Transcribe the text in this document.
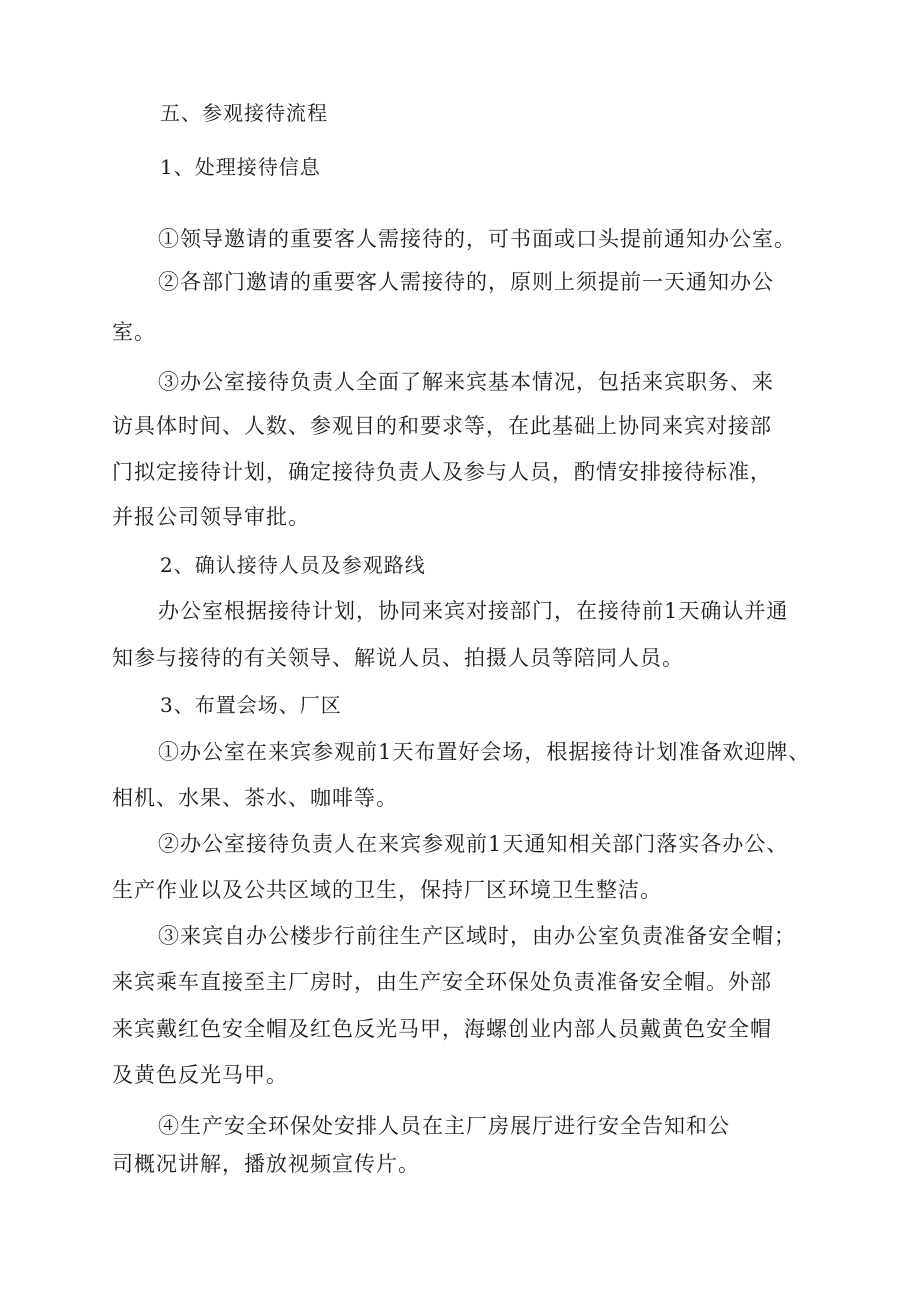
五、参观接待流程
1、处理接待信息
①领导邀请的重要客人需接待的，可书面或口头提前通知办公室。
②各部门邀请的重要客人需接待的，原则上须提前一天通知办公
室。
③办公室接待负责人全面了解来宾基本情况，包括来宾职务、来
访具体时间、人数、参观目的和要求等，在此基础上协同来宾对接部
门拟定接待计划，确定接待负责人及参与人员，酌情安排接待标准，
并报公司领导审批。
2、确认接待人员及参观路线
办公室根据接待计划，协同来宾对接部门，在接待前1天确认并通
知参与接待的有关领导、解说人员、拍摄人员等陪同人员。
3、布置会场、厂区
①办公室在来宾参观前1天布置好会场，根据接待计划准备欢迎牌、
相机、水果、茶水、咖啡等。
②办公室接待负责人在来宾参观前1天通知相关部门落实各办公、
生产作业以及公共区域的卫生，保持厂区环境卫生整洁。
③来宾自办公楼步行前往生产区域时，由办公室负责准备安全帽；
来宾乘车直接至主厂房时，由生产安全环保处负责准备安全帽。外部
来宾戴红色安全帽及红色反光马甲，海螺创业内部人员戴黄色安全帽
及黄色反光马甲。
④生产安全环保处安排人员在主厂房展厅进行安全告知和公
司概况讲解，播放视频宣传片。
